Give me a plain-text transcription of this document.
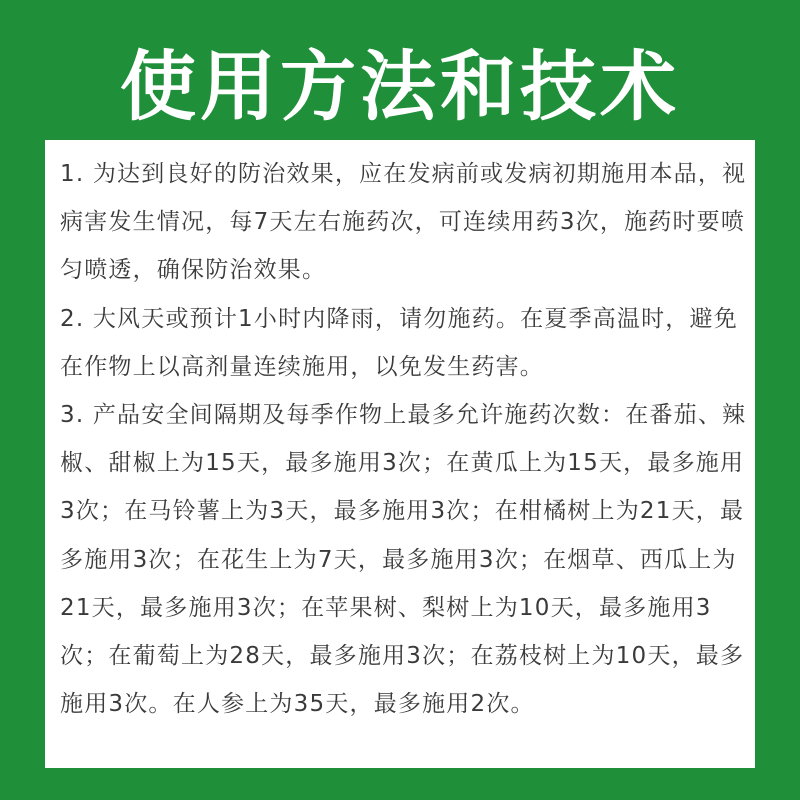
使用方法和技术

1. 为达到良好的防治效果，应在发病前或发病初期施用本品，视病害发生情况，每7天左右施药次，可连续用药3次，施药时要喷匀喷透，确保防治效果。

2. 大风天或预计1小时内降雨，请勿施药。在夏季高温时，避免在作物上以高剂量连续施用，以免发生药害。

3. 产品安全间隔期及每季作物上最多允许施药次数：在番茄、辣椒、甜椒上为15天，最多施用3次；在黄瓜上为15天，最多施用3次；在马铃薯上为3天，最多施用3次；在柑橘树上为21天，最多施用3次；在花生上为7天，最多施用3次；在烟草、西瓜上为21天，最多施用3次；在苹果树、梨树上为10天，最多施用3次；在葡萄上为28天，最多施用3次；在荔枝树上为10天，最多施用3次。在人参上为35天，最多施用2次。
